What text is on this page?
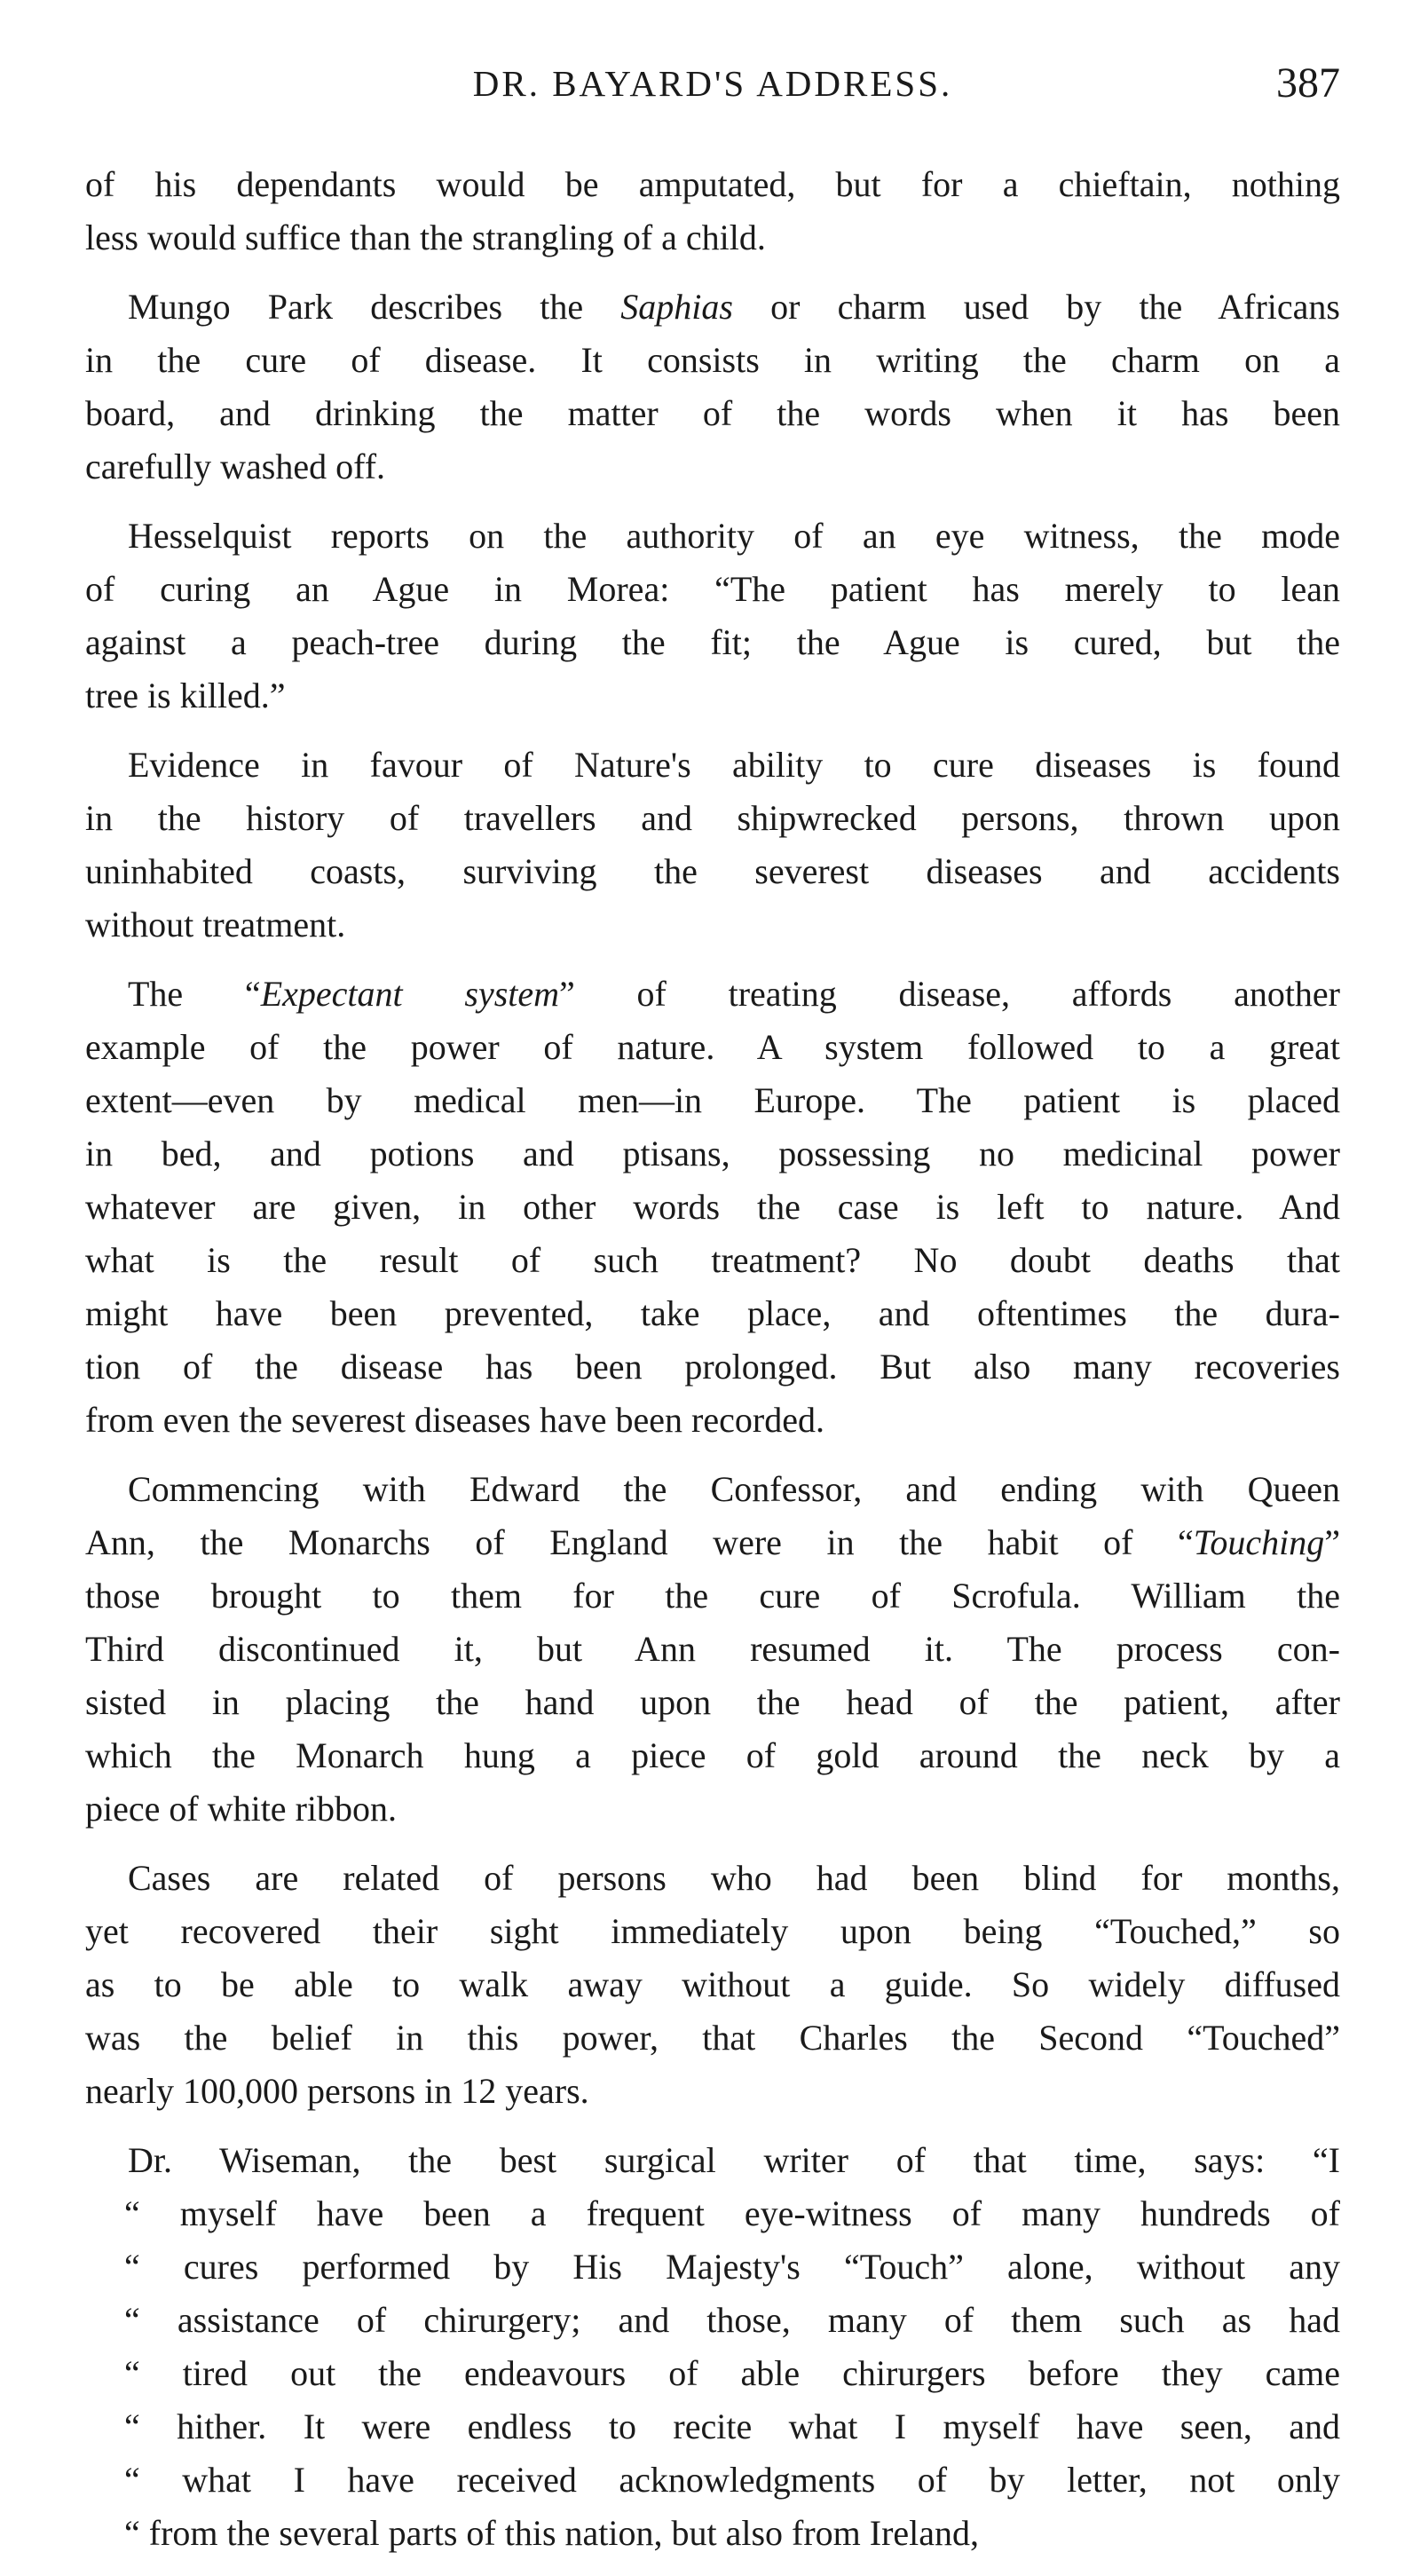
DR. BAYARD'S ADDRESS.	387
of his dependants would be amputated, but for a chieftain, nothing
less would suffice than the strangling of a child.
Mungo Park describes the Saphias or charm used by the Africans
in the cure of disease. It consists in writing the charm on a
board, and drinking the matter of the words when it has been
carefully washed off.
Hesselquist reports on the authority of an eye witness, the mode
of curing an Ague in Morea: “The patient has merely to lean
against a peach-tree during the fit; the Ague is cured, but the
tree is killed.”
Evidence in favour of Nature's ability to cure diseases is found
in the history of travellers and shipwrecked persons, thrown upon
uninhabited coasts, surviving the severest diseases and accidents
without treatment.
The “Expectant system” of treating disease, affords another
example of the power of nature. A system followed to a great
extent—even by medical men—in Europe. The patient is placed
in bed, and potions and ptisans, possessing no medicinal power
whatever are given, in other words the case is left to nature. And
what is the result of such treatment? No doubt deaths that
might have been prevented, take place, and oftentimes the dura-
tion of the disease has been prolonged. But also many recoveries
from even the severest diseases have been recorded.
Commencing with Edward the Confessor, and ending with Queen
Ann, the Monarchs of England were in the habit of “Touching”
those brought to them for the cure of Scrofula. William the
Third discontinued it, but Ann resumed it. The process con-
sisted in placing the hand upon the head of the patient, after
which the Monarch hung a piece of gold around the neck by a
piece of white ribbon.
Cases are related of persons who had been blind for months,
yet recovered their sight immediately upon being “Touched,” so
as to be able to walk away without a guide. So widely diffused
was the belief in this power, that Charles the Second “Touched”
nearly 100,000 persons in 12 years.
Dr. Wiseman, the best surgical writer of that time, says: “I
“ myself have been a frequent eye-witness of many hundreds of
“ cures performed by His Majesty's “Touch” alone, without any
“ assistance of chirurgery; and those, many of them such as had
“ tired out the endeavours of able chirurgers before they came
“ hither. It were endless to recite what I myself have seen, and
“ what I have received acknowledgments of by letter, not only
“ from the several parts of this nation, but also from Ireland,
